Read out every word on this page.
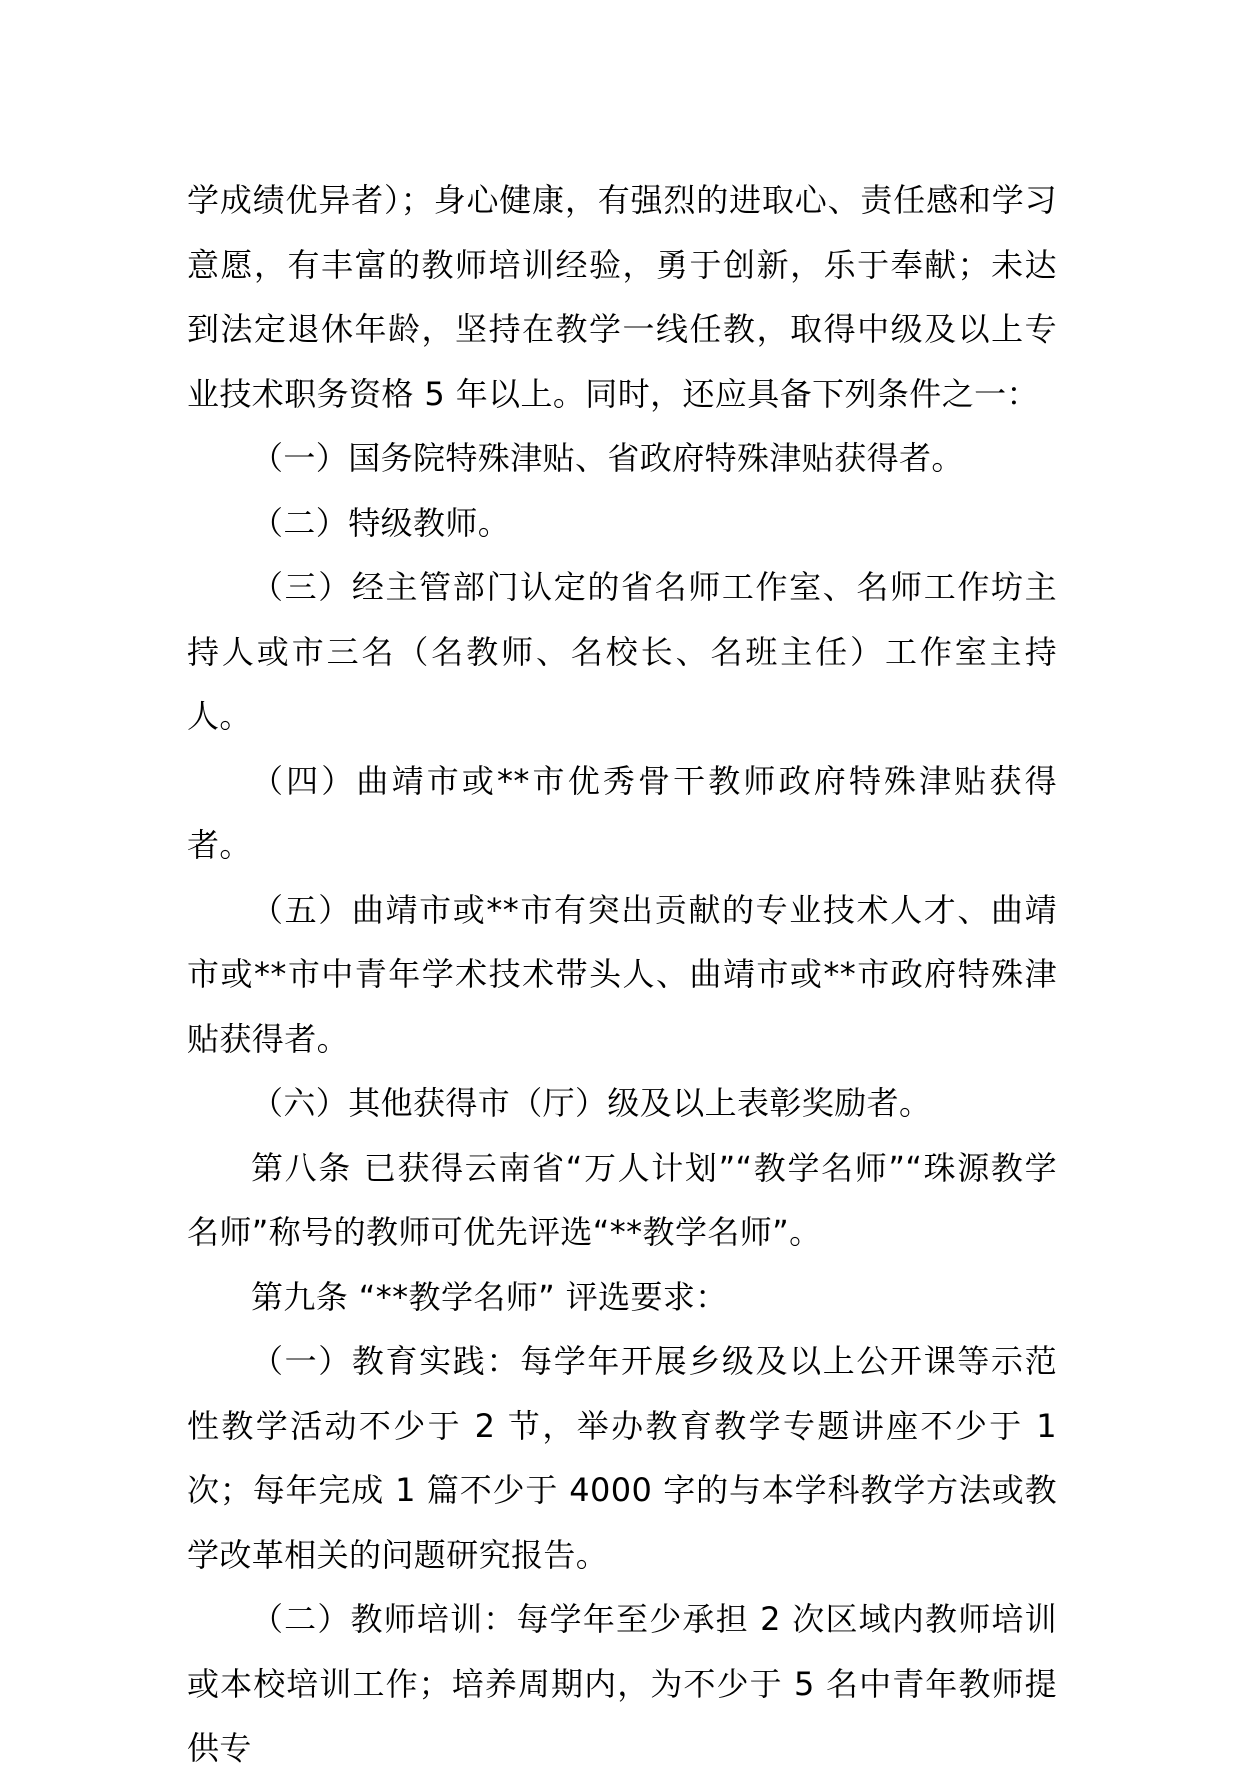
学成绩优异者）；身心健康，有强烈的进取心、责任感和学习意愿，有丰富的教师培训经验，勇于创新，乐于奉献；未达到法定退休年龄，坚持在教学一线任教，取得中级及以上专业技术职务资格 5 年以上。同时，还应具备下列条件之一：

（一）国务院特殊津贴、省政府特殊津贴获得者。

（二）特级教师。

（三）经主管部门认定的省名师工作室、名师工作坊主持人或市三名（名教师、名校长、名班主任）工作室主持人。

（四）曲靖市或**市优秀骨干教师政府特殊津贴获得者。

（五）曲靖市或**市有突出贡献的专业技术人才、曲靖市或**市中青年学术技术带头人、曲靖市或**市政府特殊津贴获得者。

（六）其他获得市（厅）级及以上表彰奖励者。

第八条 已获得云南省“万人计划”“教学名师”“珠源教学名师”称号的教师可优先评选“**教学名师”。

第九条 “**教学名师” 评选要求：

（一）教育实践：每学年开展乡级及以上公开课等示范性教学活动不少于 2 节，举办教育教学专题讲座不少于 1 次；每年完成 1 篇不少于 4000 字的与本学科教学方法或教学改革相关的问题研究报告。

（二）教师培训：每学年至少承担 2 次区域内教师培训或本校培训工作；培养周期内，为不少于 5 名中青年教师提供专
